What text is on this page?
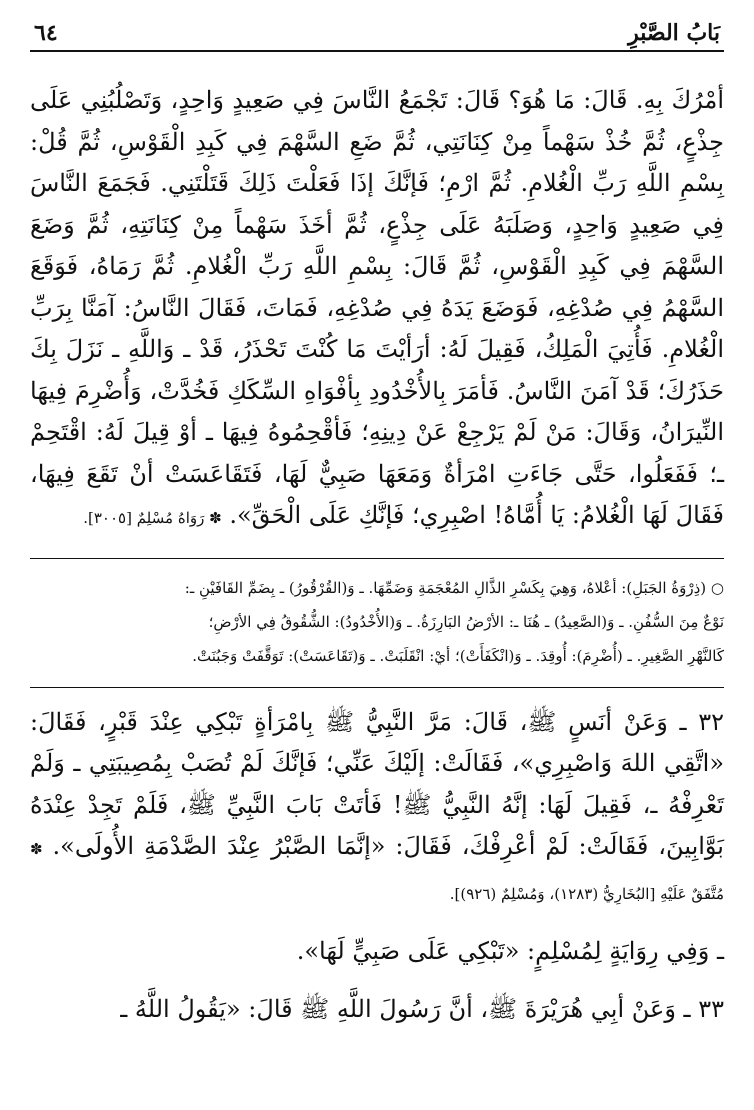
بَابُ الصَّبْرِ
٦٤

أمْرُكَ بِهِ. قَالَ: مَا هُوَ؟ قَالَ: تَجْمَعُ النَّاسَ فِي صَعِيدٍ وَاحِدٍ، وَتَصْلُبُنِي عَلَى جِذْعٍ، ثُمَّ خُذْ سَهْماً مِنْ كِنَانَتِي، ثُمَّ ضَعِ السَّهْمَ فِي كَبِدِ الْقَوْسِ، ثُمَّ قُلْ: بِسْمِ اللَّهِ رَبِّ الْغُلامِ. ثُمَّ ارْمِ؛ فَإنَّكَ إذَا فَعَلْتَ ذَلِكَ قَتَلْتَنِي. فَجَمَعَ النَّاسَ فِي صَعِيدٍ وَاحِدٍ، وَصَلَبَهُ عَلَى جِذْعٍ، ثُمَّ أخَذَ سَهْماً مِنْ كِنَانَتِهِ، ثُمَّ وَضَعَ السَّهْمَ فِي كَبِدِ الْقَوْسِ، ثُمَّ قَالَ: بِسْمِ اللَّهِ رَبِّ الْغُلامِ. ثُمَّ رَمَاهُ، فَوَقَعَ السَّهْمُ فِي صُدْغِهِ، فَوَضَعَ يَدَهُ فِي صُدْغِهِ، فَمَاتَ، فَقَالَ النَّاسُ: آمَنَّا بِرَبِّ الْغُلامِ. فَأُتِيَ الْمَلِكُ، فَقِيلَ لَهُ: أرَأيْتَ مَا كُنْتَ تَحْذَرُ، قَدْ ـ وَاللَّهِ ـ نَزَلَ بِكَ حَذَرُكَ؛ قَدْ آمَنَ النَّاسُ. فَأمَرَ بِالأُخْدُودِ بِأفْوَاهِ السِّكَكِ فَخُدَّتْ، وَأُضْرِمَ فِيهَا النِّيرَانُ، وَقَالَ: مَنْ لَمْ يَرْجِعْ عَنْ دِينِهِ؛ فَأقْحِمُوهُ فِيهَا ـ أوْ قِيلَ لَهُ: اقْتَحِمْ ـ؛ فَفَعَلُوا، حَتَّى جَاءَتِ امْرَأةٌ وَمَعَهَا صَبِيٌّ لَهَا، فَتَقَاعَسَتْ أنْ تَقَعَ فِيهَا، فَقَالَ لَهَا الْغُلامُ: يَا أُمَّاهُ! اصْبِرِي؛ فَإنَّكِ عَلَى الْحَقِّ». ✽ رَوَاهُ مُسْلِمٌ [٣٠٠٥].

○ (ذِرْوَةُ الجَبَلِ): أعْلاهُ، وَهِيَ بِكَسْرِ الذَّالِ المُعْجَمَةِ وَضَمِّهَا. ـ وَ(القُرْقُورُ) ـ بِضَمِّ القَافَيْنِ ـ:

نَوْعٌ مِنَ السُّفُنِ. ـ وَ(الصَّعِيدُ) ـ هُنَا ـ: الأرْضُ البَارِزَةُ. ـ وَ(الأُخْدُودُ): الشُّقُوقُ فِي الأرْضِ؛

كَالنَّهْرِ الصَّغِيرِ. ـ (أُضْرِمَ): أُوقِدَ. ـ وَ(انْكَفَأَتْ)؛ أيْ: انْقَلَبَتْ. ـ وَ(تَقَاعَسَتْ): تَوَقَّفَتْ وَجَبُنَتْ.

٣٢ ـ وَعَنْ أنَسٍ ﷺ، قَالَ: مَرَّ النَّبِيُّ ﷺ بِامْرَأةٍ تَبْكِي عِنْدَ قَبْرٍ، فَقَالَ: «اتَّقِي اللهَ وَاصْبِرِي»، فَقَالَتْ: إلَيْكَ عَنِّي؛ فَإنَّكَ لَمْ تُصَبْ بِمُصِيبَتِي ـ وَلَمْ تَعْرِفْهُ ـ، فَقِيلَ لَهَا: إنَّهُ النَّبِيُّ ﷺ! فَأتَتْ بَابَ النَّبِيِّ ﷺ، فَلَمْ تَجِدْ عِنْدَهُ بَوَّابِينَ، فَقَالَتْ: لَمْ أعْرِفْكَ، فَقَالَ: «إنَّمَا الصَّبْرُ عِنْدَ الصَّدْمَةِ الأُولَى». ✽ مُتَّفَقٌ عَلَيْهِ [البُخَارِيُّ (١٢٨٣)، وَمُسْلِمٌ (٩٢٦)].

ـ وَفِي رِوَايَةٍ لِمُسْلِمٍ: «تَبْكِي عَلَى صَبِيٍّ لَهَا».

٣٣ ـ وَعَنْ أبِي هُرَيْرَةَ ﷺ، أنَّ رَسُولَ اللَّهِ ﷺ قَالَ: «يَقُولُ اللَّهُ ـ
